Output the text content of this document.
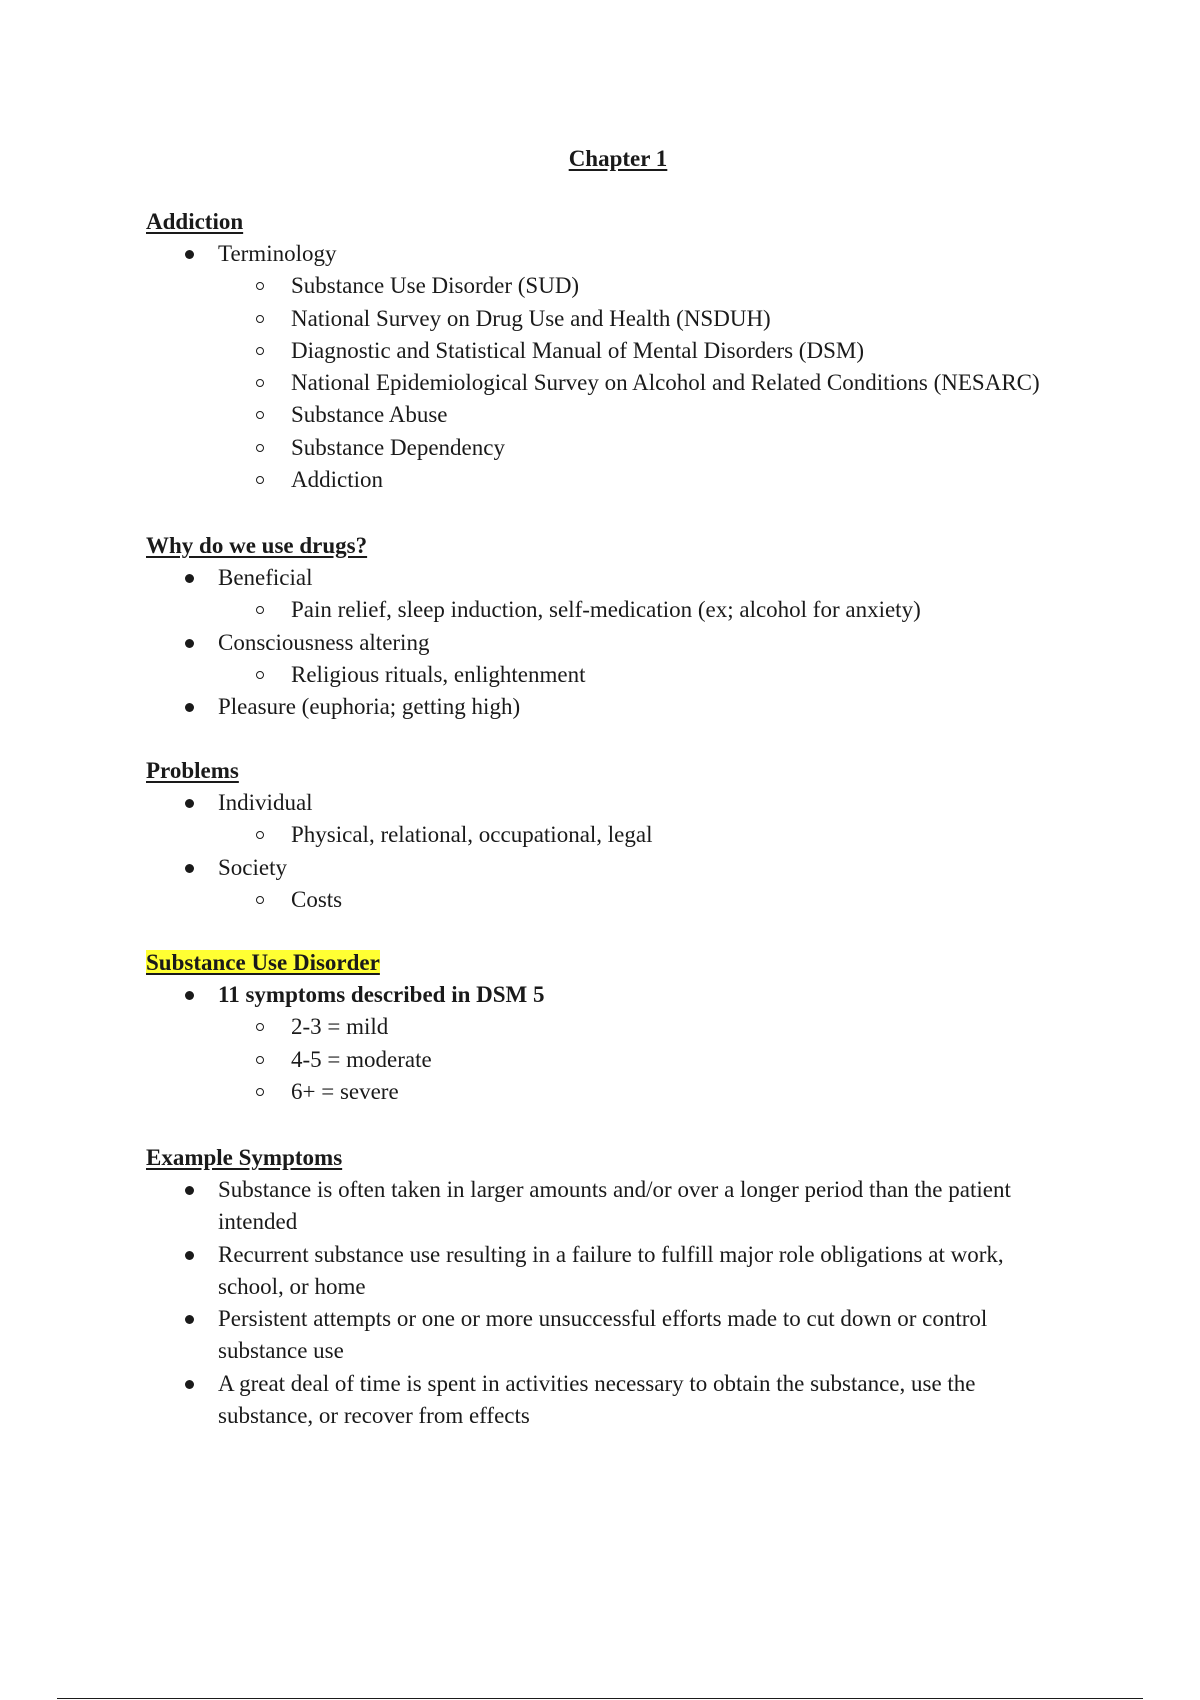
Chapter 1
Addiction
Terminology
Substance Use Disorder (SUD)
National Survey on Drug Use and Health (NSDUH)
Diagnostic and Statistical Manual of Mental Disorders (DSM)
National Epidemiological Survey on Alcohol and Related Conditions (NESARC)
Substance Abuse
Substance Dependency
Addiction
Why do we use drugs?
Beneficial
Pain relief, sleep induction, self-medication (ex; alcohol for anxiety)
Consciousness altering
Religious rituals, enlightenment
Pleasure (euphoria; getting high)
Problems
Individual
Physical, relational, occupational, legal
Society
Costs
Substance Use Disorder
11 symptoms described in DSM 5
2-3 = mild
4-5 = moderate
6+ = severe
Example Symptoms
Substance is often taken in larger amounts and/or over a longer period than the patient intended
Recurrent substance use resulting in a failure to fulfill major role obligations at work, school, or home
Persistent attempts or one or more unsuccessful efforts made to cut down or control substance use
A great deal of time is spent in activities necessary to obtain the substance, use the substance, or recover from effects
